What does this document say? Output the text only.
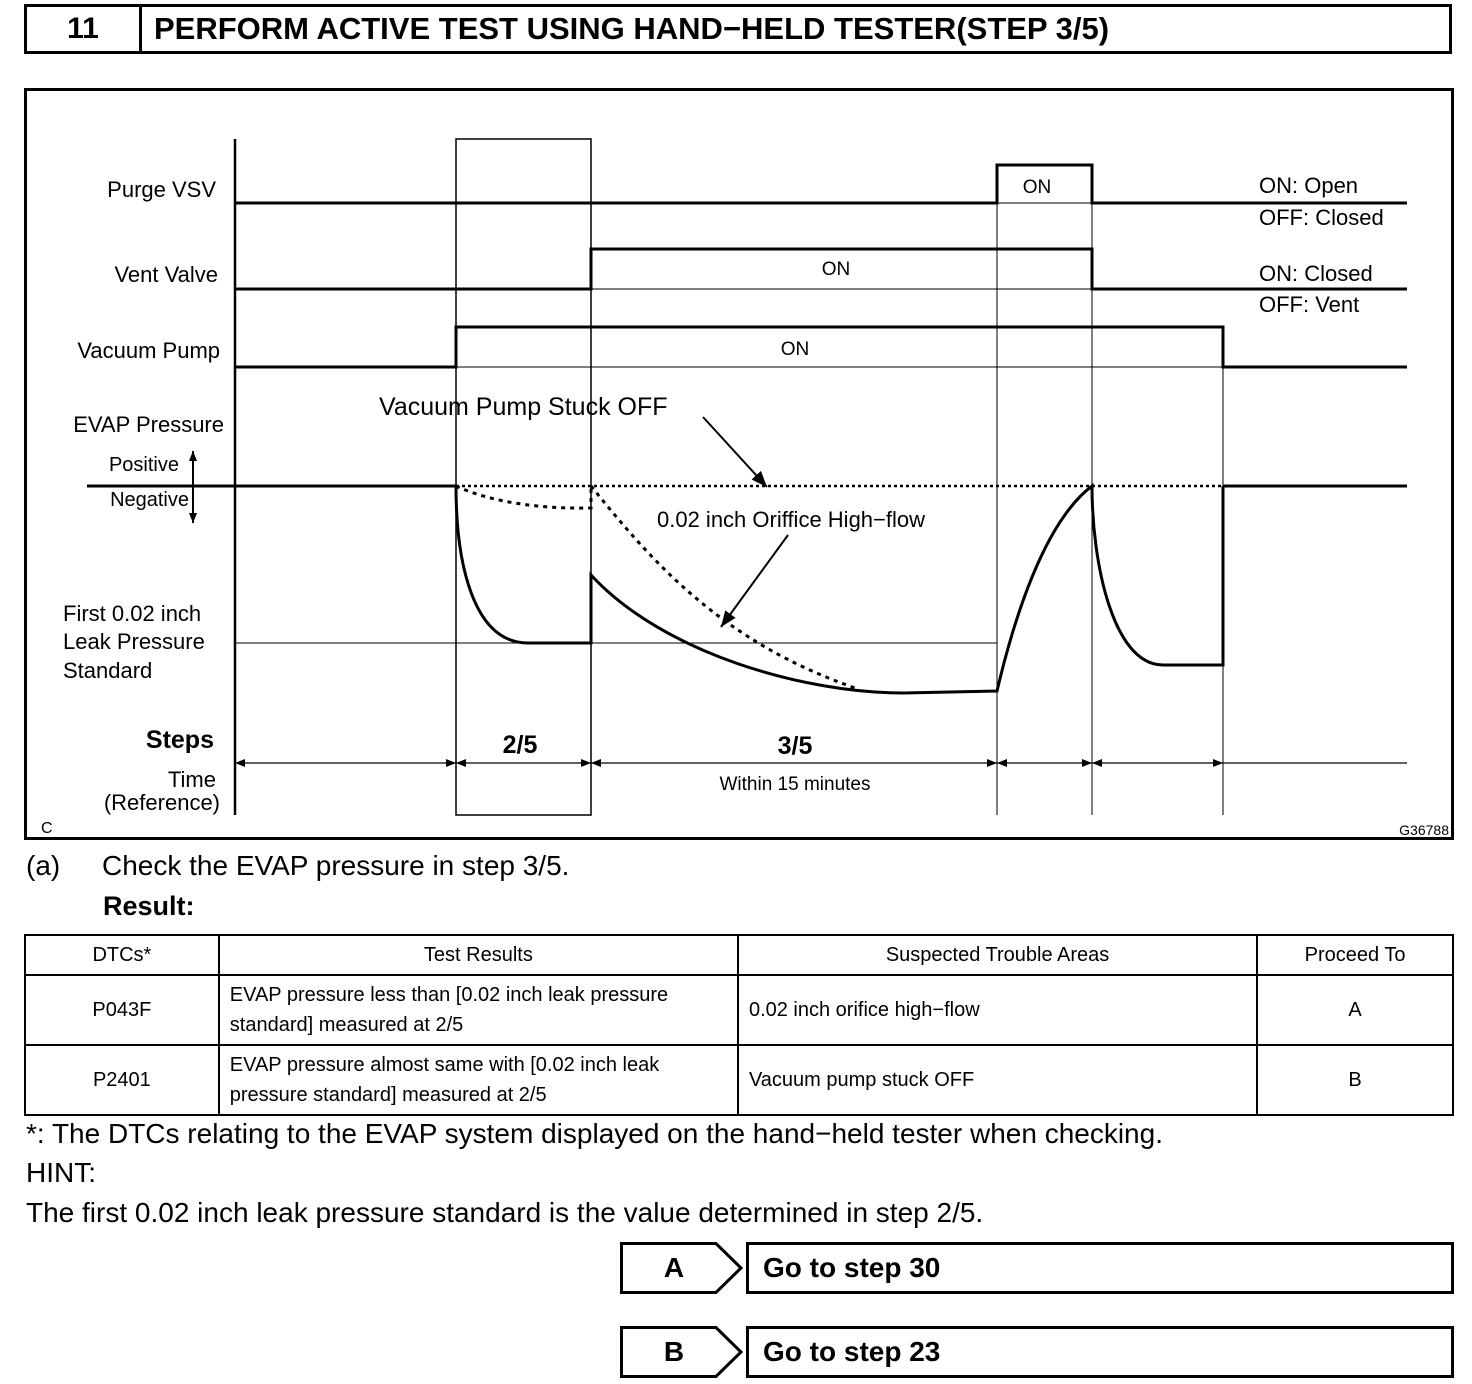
11	PERFORM ACTIVE TEST USING HAND−HELD TESTER(STEP 3/5)
Purge VSV
Vent Valve
Vacuum Pump
EVAP Pressure
Positive
Negative
First 0.02 inch
Leak Pressure
Standard
Steps
Time
(Reference)
ON
ON
ON
ON: Open
OFF: Closed
ON: Closed
OFF: Vent
Vacuum Pump Stuck OFF
0.02 inch Oriffice High−flow
2/5	3/5
Within 15 minutes
C	G36788
(a) Check the EVAP pressure in step 3/5.
Result:
DTCs*	Test Results	Suspected Trouble Areas	Proceed To
P043F	EVAP pressure less than [0.02 inch leak pressure
standard] measured at 2/5	0.02 inch orifice high−flow	A
P2401	EVAP pressure almost same with [0.02 inch leak
pressure standard] measured at 2/5	Vacuum pump stuck OFF	B
*: The DTCs relating to the EVAP system displayed on the hand−held tester when checking.
HINT:
The first 0.02 inch leak pressure standard is the value determined in step 2/5.
A	Go to step 30
B	Go to step 23
